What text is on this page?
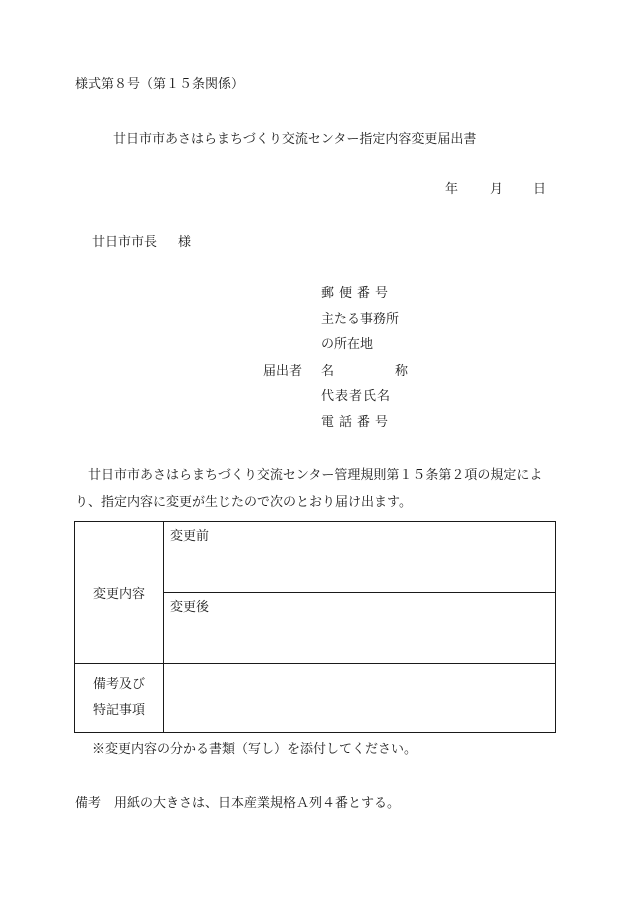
様式第８号（第１５条関係）
廿日市市あさはらまちづくり交流センター指定内容変更届出書
年 月 日
廿日市市長 様
届出者
郵便番号
主たる事務所
の所在地
名	称
代表者氏名
電話番号
廿日市市あさはらまちづくり交流センター管理規則第１５条第２項の規定により、指定内容に変更が生じたので次のとおり届け出ます。
変更内容	変更前

	変更後

備考及び
特記事項	

※変更内容の分かる書類（写し）を添付してください。
備考　用紙の大きさは、日本産業規格Ａ列４番とする。
